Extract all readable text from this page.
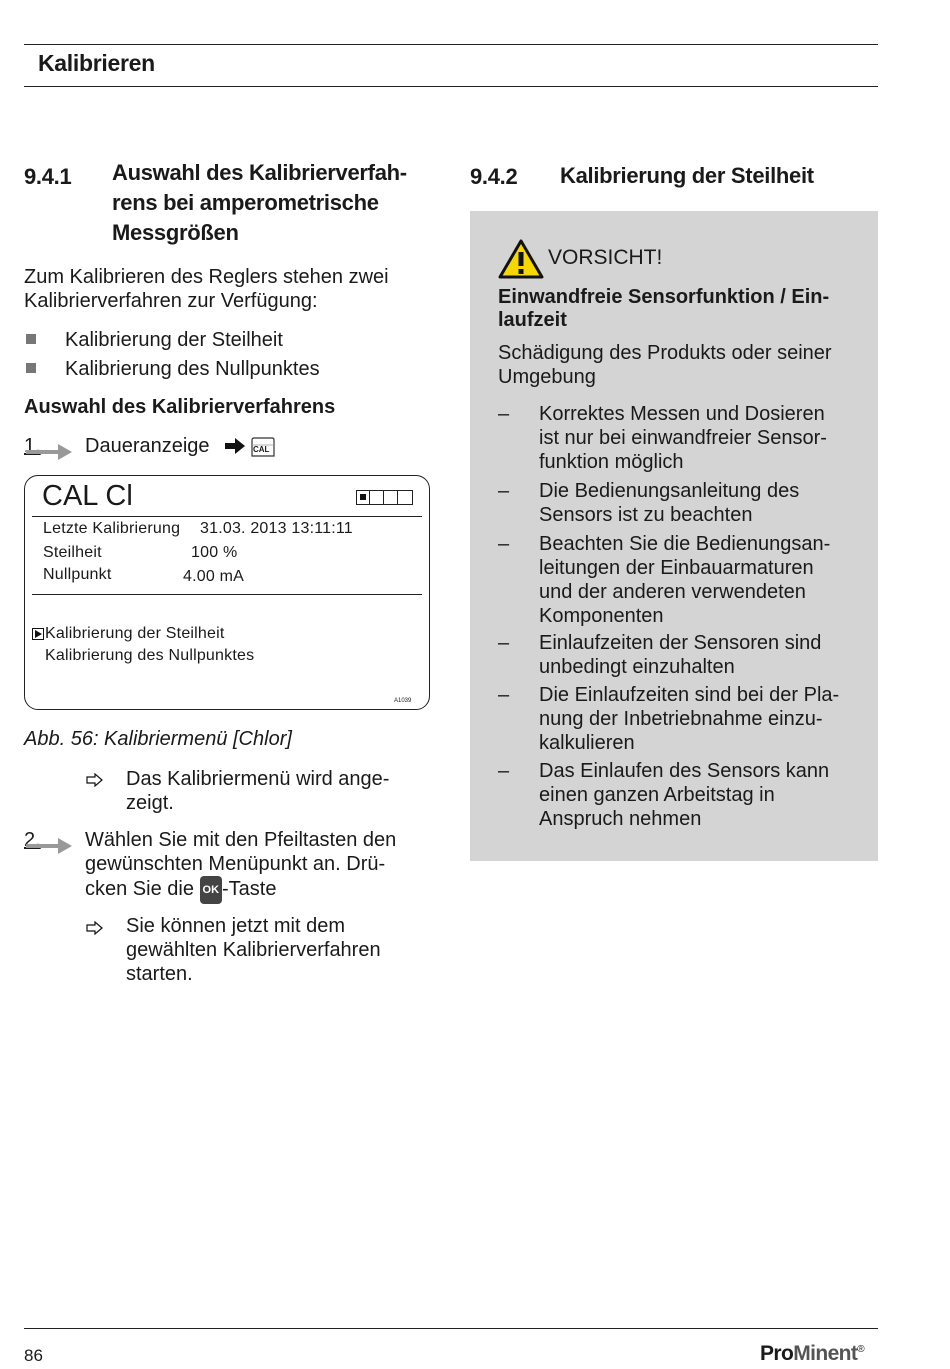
Kalibrieren
9.4.1 Auswahl des Kalibrierverfah-
rens bei amperometrische
Messgrößen
Zum Kalibrieren des Reglers stehen zwei
Kalibrierverfahren zur Verfügung:
Kalibrierung der Steilheit
Kalibrierung des Nullpunktes
Auswahl des Kalibrierverfahrens
1. Daueranzeige	CAL
CAL Cl
Letzte Kalibrierung 31.03. 2013 13:11:11
Steilheit	100 %
Nullpunkt	4.00 mA
Kalibrierung der Steilheit
Kalibrierung des Nullpunktes
A1039
Abb. 56: Kalibriermenü [Chlor]
Das Kalibriermenü wird ange-
zeigt.
2. Wählen Sie mit den Pfeiltasten den
gewünschten Menüpunkt an. Drü-
cken Sie die OK -Taste
Sie können jetzt mit dem
gewählten Kalibrierverfahren
starten.
9.4.2 Kalibrierung der Steilheit
VORSICHT!
Einwandfreie Sensorfunktion / Ein-
laufzeit
Schädigung des Produkts oder seiner
Umgebung
– Korrektes Messen und Dosieren
ist nur bei einwandfreier Sensor-
funktion möglich
– Die Bedienungsanleitung des
Sensors ist zu beachten
– Beachten Sie die Bedienungsan-
leitungen der Einbauarmaturen
und der anderen verwendeten
Komponenten
– Einlaufzeiten der Sensoren sind
unbedingt einzuhalten
– Die Einlaufzeiten sind bei der Pla-
nung der Inbetriebnahme einzu-
kalkulieren
– Das Einlaufen des Sensors kann
einen ganzen Arbeitstag in
Anspruch nehmen
86	ProMinent®
